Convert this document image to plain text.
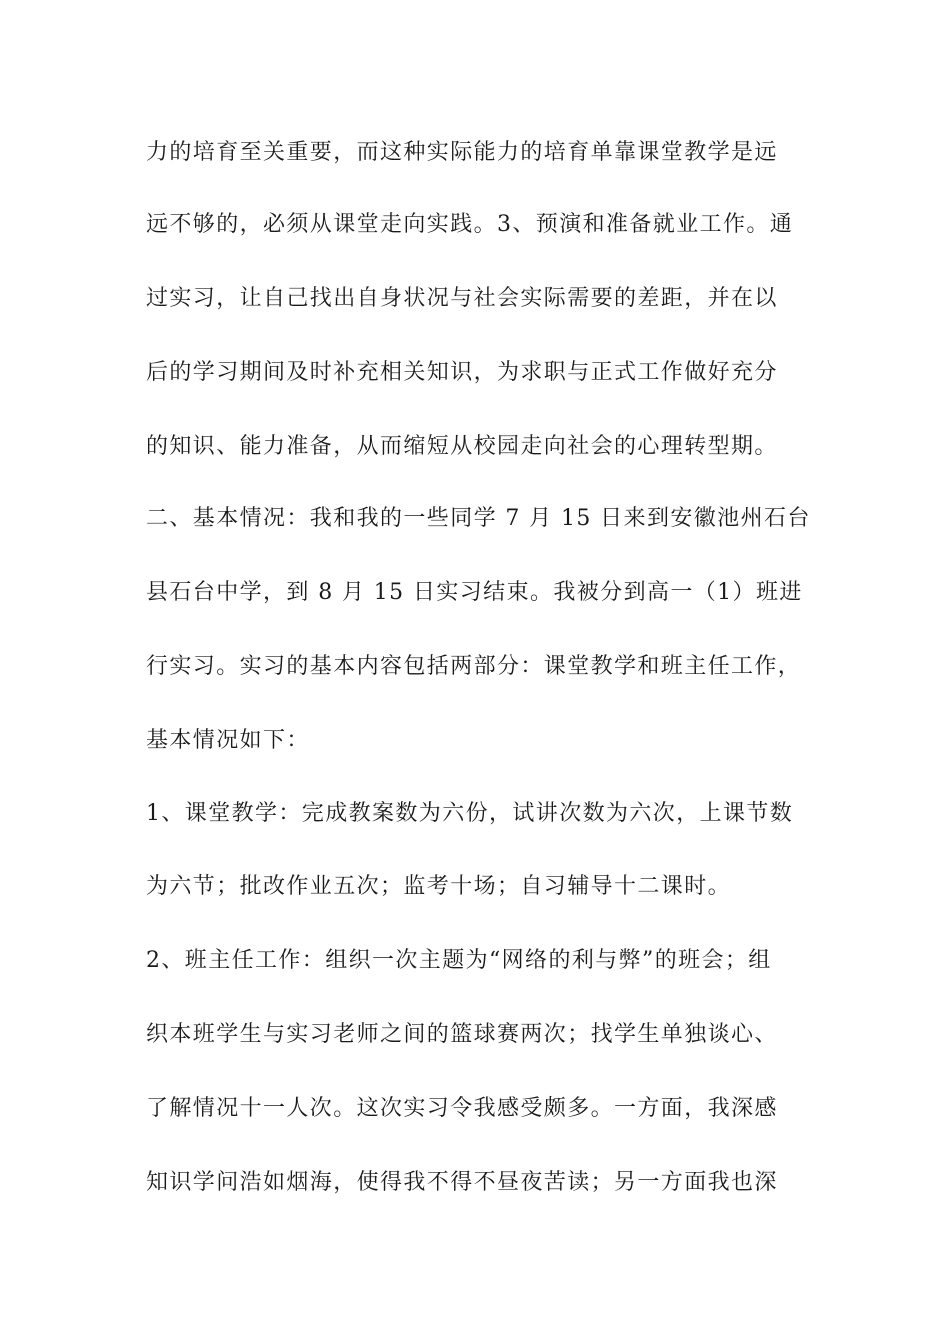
力的培育至关重要，而这种实际能力的培育单靠课堂教学是远
远不够的，必须从课堂走向实践。3、预演和准备就业工作。通
过实习，让自己找出自身状况与社会实际需要的差距，并在以
后的学习期间及时补充相关知识，为求职与正式工作做好充分
的知识、能力准备，从而缩短从校园走向社会的心理转型期。
二、基本情况：我和我的一些同学 7 月 15 日来到安徽池州石台
县石台中学，到 8 月 15 日实习结束。我被分到高一（1）班进
行实习。实习的基本内容包括两部分：课堂教学和班主任工作，
基本情况如下：
1、课堂教学：完成教案数为六份，试讲次数为六次，上课节数
为六节；批改作业五次；监考十场；自习辅导十二课时。
2、班主任工作：组织一次主题为“网络的利与弊”的班会；组
织本班学生与实习老师之间的篮球赛两次；找学生单独谈心、
了解情况十一人次。这次实习令我感受颇多。一方面，我深感
知识学问浩如烟海，使得我不得不昼夜苦读；另一方面我也深
